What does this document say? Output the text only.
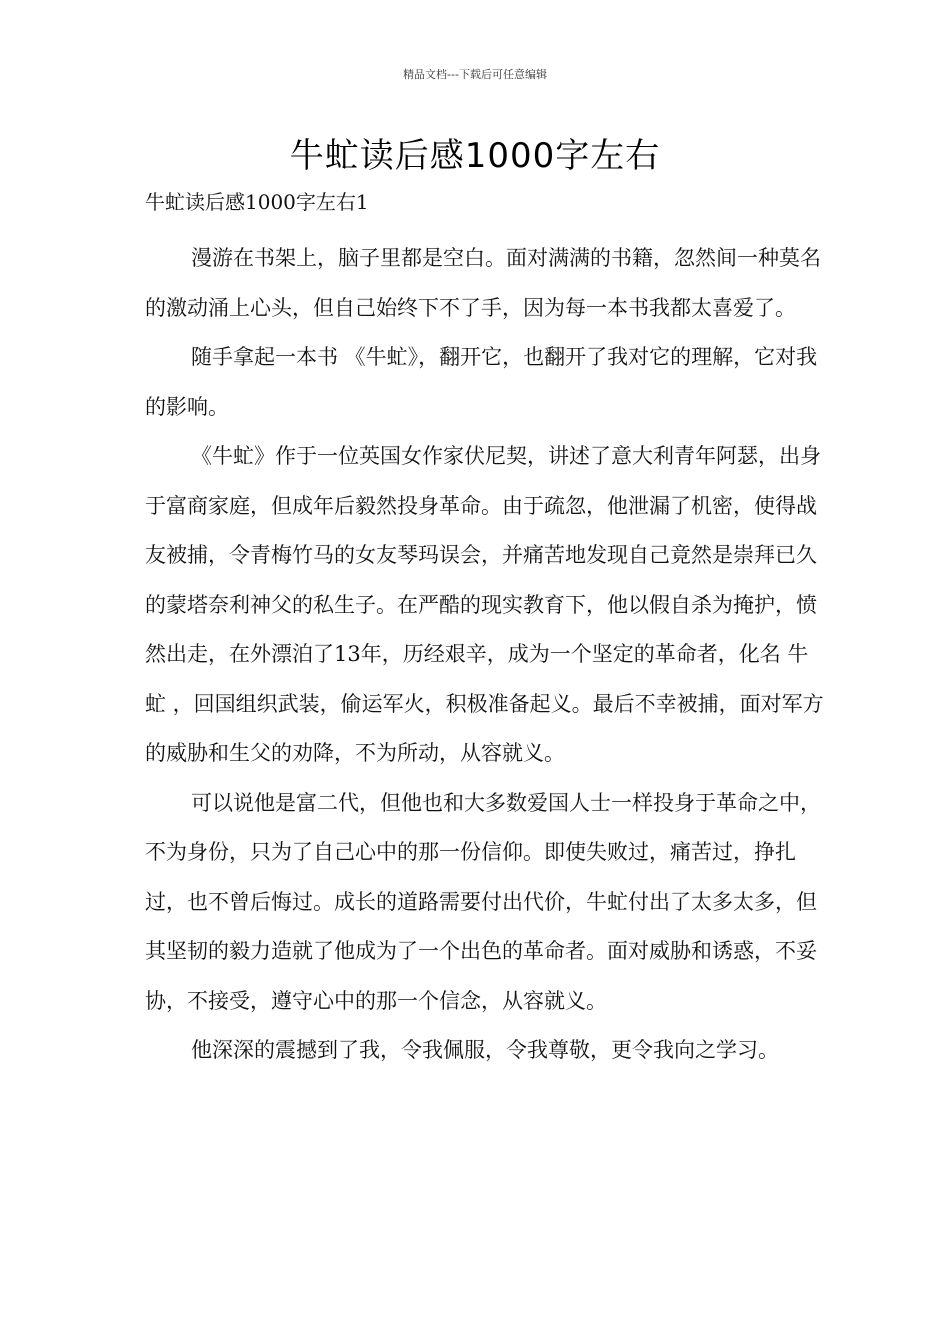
精品文档---下载后可任意编辑
牛虻读后感1000字左右
牛虻读后感1000字左右1

漫游在书架上，脑子里都是空白。面对满满的书籍，忽然间一种莫名的激动涌上心头，但自己始终下不了手，因为每一本书我都太喜爱了。

随手拿起一本书 《牛虻》，翻开它，也翻开了我对它的理解，它对我的影响。

《牛虻》作于一位英国女作家伏尼契，讲述了意大利青年阿瑟，出身于富商家庭，但成年后毅然投身革命。由于疏忽，他泄漏了机密，使得战友被捕，令青梅竹马的女友琴玛误会，并痛苦地发现自己竟然是崇拜已久的蒙塔奈利神父的私生子。在严酷的现实教育下，他以假自杀为掩护，愤然出走，在外漂泊了13年，历经艰辛，成为一个坚定的革命者，化名 牛虻 ，回国组织武装，偷运军火，积极准备起义。最后不幸被捕，面对军方的威胁和生父的劝降，不为所动，从容就义。

可以说他是富二代，但他也和大多数爱国人士一样投身于革命之中，不为身份，只为了自己心中的那一份信仰。即使失败过，痛苦过，挣扎过，也不曾后悔过。成长的道路需要付出代价，牛虻付出了太多太多，但其坚韧的毅力造就了他成为了一个出色的革命者。面对威胁和诱惑，不妥协，不接受，遵守心中的那一个信念，从容就义。

他深深的震撼到了我，令我佩服，令我尊敬，更令我向之学习。
